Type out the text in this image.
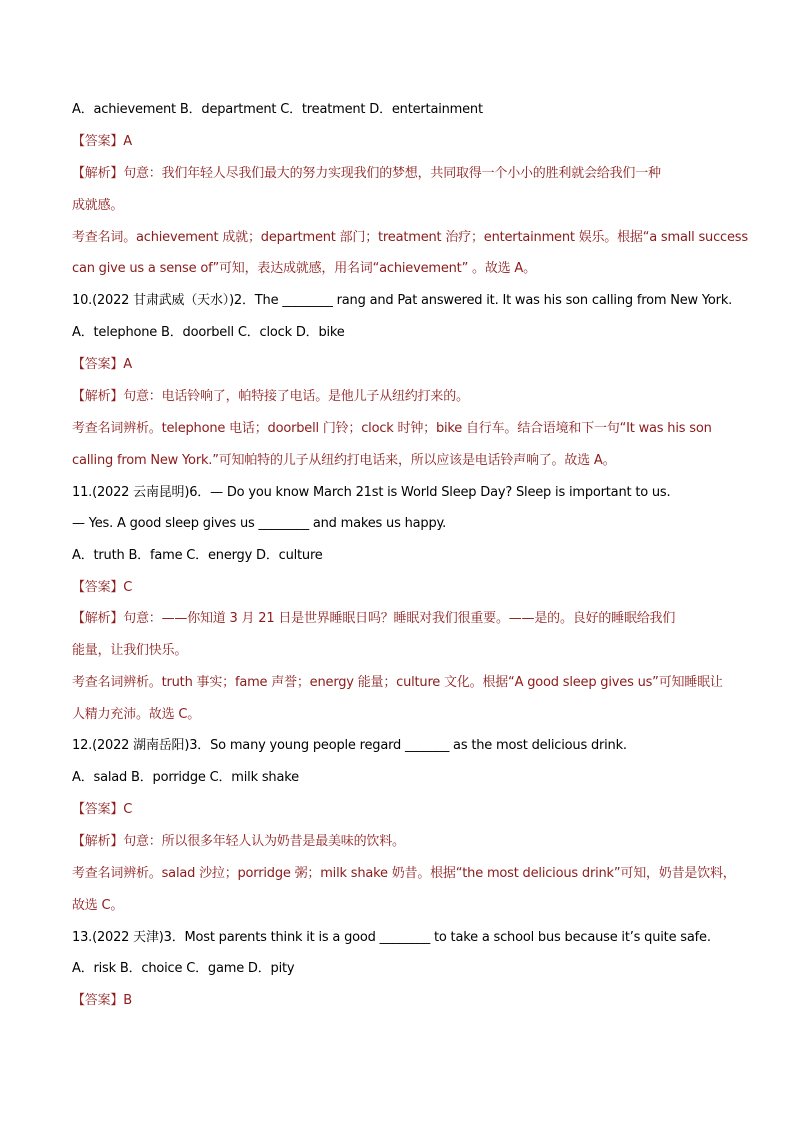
A．achievement B．department C．treatment D．entertainment
【答案】A
【解析】句意：我们年轻人尽我们最大的努力实现我们的梦想，共同取得一个小小的胜利就会给我们一种
成就感。
考查名词。achievement 成就；department 部门；treatment 治疗；entertainment 娱乐。根据“a small success
can give us a sense of”可知，表达成就感，用名词“achievement” 。故选 A。
10.(2022 甘肃武威（天水）)2．The ________ rang and Pat answered it. It was his son calling from New York.
A．telephone B．doorbell C．clock D．bike
【答案】A
【解析】句意：电话铃响了，帕特接了电话。是他儿子从纽约打来的。
考查名词辨析。telephone 电话；doorbell 门铃；clock 时钟；bike 自行车。结合语境和下一句“It was his son
calling from New York.”可知帕特的儿子从纽约打电话来，所以应该是电话铃声响了。故选 A。
11.(2022 云南昆明)6．— Do you know March 21st is World Sleep Day? Sleep is important to us.
— Yes. A good sleep gives us ________ and makes us happy.
A．truth B．fame C．energy D．culture
【答案】C
【解析】句意：——你知道 3 月 21 日是世界睡眠日吗？睡眠对我们很重要。——是的。良好的睡眠给我们
能量，让我们快乐。
考查名词辨析。truth 事实；fame 声誉；energy 能量；culture 文化。根据“A good sleep gives us”可知睡眠让
人精力充沛。故选 C。
12.(2022 湖南岳阳)3．So many young people regard _______ as the most delicious drink.
A．salad B．porridge C．milk shake
【答案】C
【解析】句意：所以很多年轻人认为奶昔是最美味的饮料。
考查名词辨析。salad 沙拉；porridge 粥；milk shake 奶昔。根据“the most delicious drink”可知，奶昔是饮料，
故选 C。
13.(2022 天津)3．Most parents think it is a good ________ to take a school bus because it’s quite safe.
A．risk B．choice C．game D．pity
【答案】B
